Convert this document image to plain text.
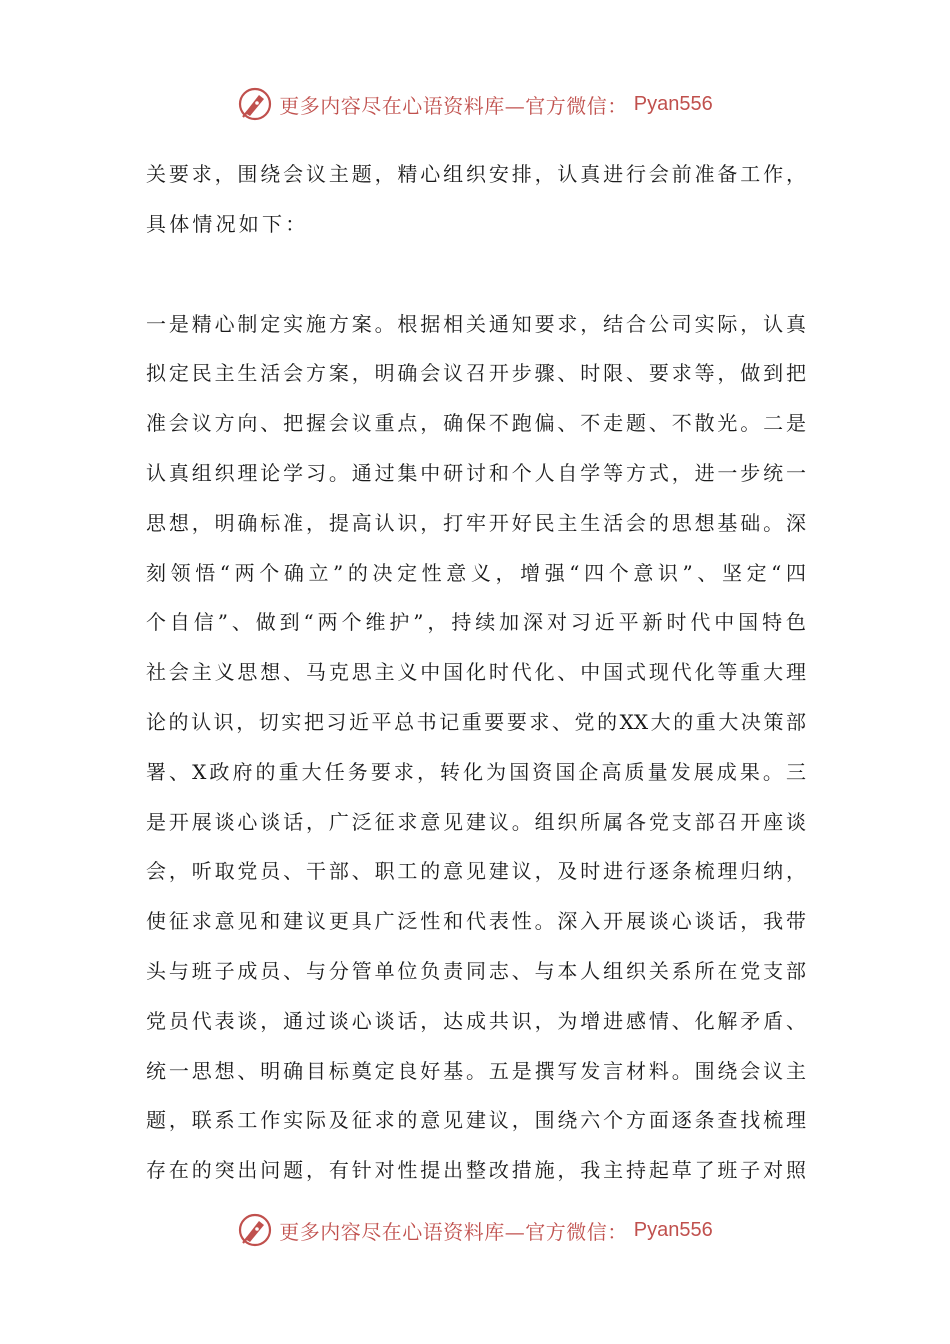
更多内容尽在心语资料库—官方微信： Pyan556
关要求，围绕会议主题，精心组织安排，认真进行会前准备工作，
具体情况如下：
一是精心制定实施方案。根据相关通知要求，结合公司实际，认真
拟定民主生活会方案，明确会议召开步骤、时限、要求等，做到把
准会议方向、把握会议重点，确保不跑偏、不走题、不散光。二是
认真组织理论学习。通过集中研讨和个人自学等方式，进一步统一
思想，明确标准，提高认识，打牢开好民主生活会的思想基础。深
刻领悟“两个确立”的决定性意义，增强“四个意识”、坚定“四
个自信”、做到“两个维护”，持续加深对习近平新时代中国特色
社会主义思想、马克思主义中国化时代化、中国式现代化等重大理
论的认识，切实把习近平总书记重要要求、党的XX大的重大决策部
署、X政府的重大任务要求，转化为国资国企高质量发展成果。三
是开展谈心谈话，广泛征求意见建议。组织所属各党支部召开座谈
会，听取党员、干部、职工的意见建议，及时进行逐条梳理归纳，
使征求意见和建议更具广泛性和代表性。深入开展谈心谈话，我带
头与班子成员、与分管单位负责同志、与本人组织关系所在党支部
党员代表谈，通过谈心谈话，达成共识，为增进感情、化解矛盾、
统一思想、明确目标奠定良好基。五是撰写发言材料。围绕会议主
题，联系工作实际及征求的意见建议，围绕六个方面逐条查找梳理
存在的突出问题，有针对性提出整改措施，我主持起草了班子对照
更多内容尽在心语资料库—官方微信： Pyan556
